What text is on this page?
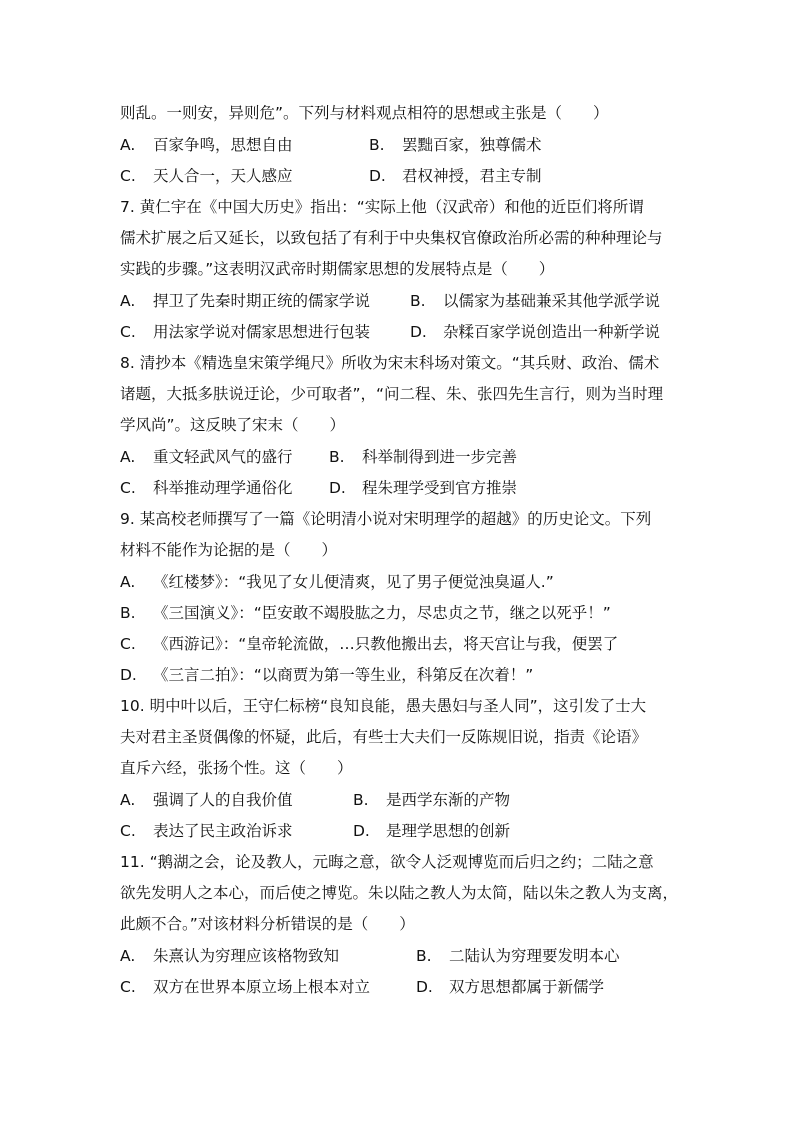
则乱。一则安，异则危”。下列与材料观点相符的思想或主张是（　　）
A. 百家争鸣，思想自由	B. 罢黜百家，独尊儒术
C. 天人合一，天人感应	D. 君权神授，君主专制
7. 黄仁宇在《中国大历史》指出：“实际上他（汉武帝）和他的近臣们将所谓
儒术扩展之后又延长，以致包括了有利于中央集权官僚政治所必需的种种理论与
实践的步骤。”这表明汉武帝时期儒家思想的发展特点是（　　）
A. 捍卫了先秦时期正统的儒家学说	B. 以儒家为基础兼采其他学派学说
C. 用法家学说对儒家思想进行包装	D. 杂糅百家学说创造出一种新学说
8. 清抄本《精选皇宋策学绳尺》所收为宋末科场对策文。“其兵财、政治、儒术
诸题，大抵多肤说迂论，少可取者”，“问二程、朱、张四先生言行，则为当时理
学风尚”。这反映了宋末（　　）
A. 重文轻武风气的盛行 B. 科举制得到进一步完善
C. 科举推动理学通俗化 D. 程朱理学受到官方推崇
9. 某高校老师撰写了一篇《论明清小说对宋明理学的超越》的历史论文。下列
材料不能作为论据的是（　　）
A. 《红楼梦》：“我见了女儿便清爽，见了男子便觉浊臭逼人.”
B. 《三国演义》：“臣安敢不竭股肱之力，尽忠贞之节，继之以死乎！”
C. 《西游记》：“皇帝轮流做，…只教他搬出去，将天宫让与我，便罢了
D. 《三言二拍》：“以商贾为第一等生业，科第反在次着！”
10. 明中叶以后，王守仁标榜“良知良能，愚夫愚妇与圣人同”，这引发了士大
夫对君主圣贤偶像的怀疑，此后，有些士大夫们一反陈规旧说，指责《论语》
直斥六经，张扬个性。这（　　）
A. 强调了人的自我价值	B. 是西学东渐的产物
C. 表达了民主政治诉求	D. 是理学思想的创新
11. “鹅湖之会，论及教人，元晦之意，欲令人泛观博览而后归之约；二陆之意
欲先发明人之本心，而后使之博览。朱以陆之教人为太简，陆以朱之教人为支离，
此颇不合。”对该材料分析错误的是（　　）
A. 朱熹认为穷理应该格物致知	B. 二陆认为穷理要发明本心
C. 双方在世界本原立场上根本对立	D. 双方思想都属于新儒学
